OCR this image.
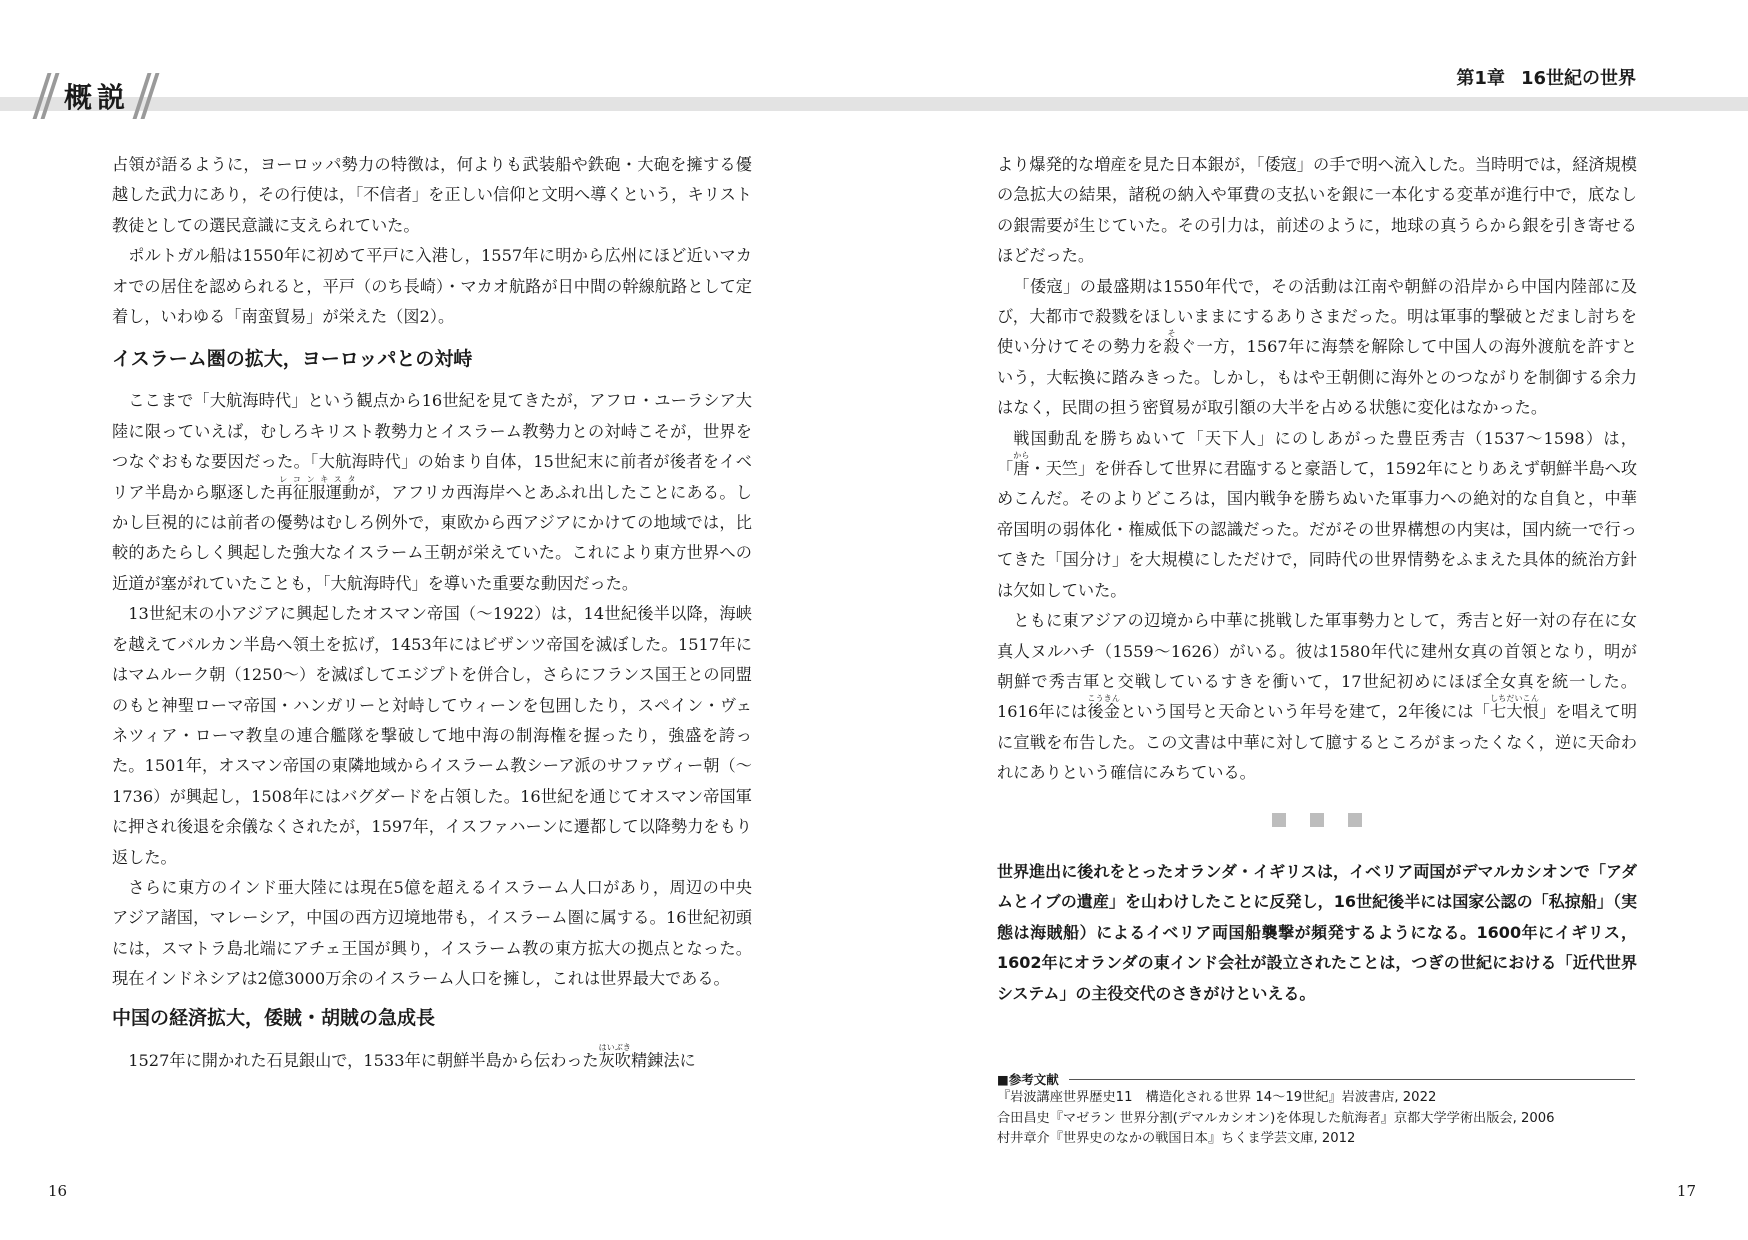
概説
第1章 16世紀の世界

占領が語るように，ヨーロッパ勢力の特徴は，何よりも武装船や鉄砲・大砲を擁する優越した武力にあり，その行使は，「不信者」を正しい信仰と文明へ導くという，キリスト教徒としての選民意識に支えられていた。

ポルトガル船は1550年に初めて平戸に入港し，1557年に明から広州にほど近いマカオでの居住を認められると，平戸（のち長崎）・マカオ航路が日中間の幹線航路として定着し，いわゆる「南蛮貿易」が栄えた（図2）。

イスラーム圏の拡大，ヨーロッパとの対峙

ここまで「大航海時代」という観点から16世紀を見てきたが，アフロ・ユーラシア大陸に限っていえば，むしろキリスト教勢力とイスラーム教勢力との対峙こそが，世界をつなぐおもな要因だった。「大航海時代」の始まり自体，15世紀末に前者が後者をイベリア半島から駆逐した再征服運動レコンキスタが，アフリカ西海岸へとあふれ出したことにある。しかし巨視的には前者の優勢はむしろ例外で，東欧から西アジアにかけての地域では，比較的あたらしく興起した強大なイスラーム王朝が栄えていた。これにより東方世界への近道が塞がれていたことも，「大航海時代」を導いた重要な動因だった。

13世紀末の小アジアに興起したオスマン帝国（～1922）は，14世紀後半以降，海峡を越えてバルカン半島へ領土を拡げ，1453年にはビザンツ帝国を滅ぼした。1517年にはマムルーク朝（1250～）を滅ぼしてエジプトを併合し，さらにフランス国王との同盟のもと神聖ローマ帝国・ハンガリーと対峙してウィーンを包囲したり，スペイン・ヴェネツィア・ローマ教皇の連合艦隊を撃破して地中海の制海権を握ったり，強盛を誇った。1501年，オスマン帝国の東隣地域からイスラーム教シーア派のサファヴィー朝（～1736）が興起し，1508年にはバグダードを占領した。16世紀を通じてオスマン帝国軍に押され後退を余儀なくされたが，1597年，イスファハーンに遷都して以降勢力をもり返した。

さらに東方のインド亜大陸には現在5億を超えるイスラーム人口があり，周辺の中央アジア諸国，マレーシア，中国の西方辺境地帯も，イスラーム圏に属する。16世紀初頭には，スマトラ島北端にアチェ王国が興り，イスラーム教の東方拡大の拠点となった。現在インドネシアは2億3000万余のイスラーム人口を擁し，これは世界最大である。

中国の経済拡大，倭賊・胡賊の急成長

1527年に開かれた石見銀山で，1533年に朝鮮半島から伝わった灰吹はいぶき精錬法に

より爆発的な増産を見た日本銀が，「倭寇」の手で明へ流入した。当時明では，経済規模の急拡大の結果，諸税の納入や軍費の支払いを銀に一本化する変革が進行中で，底なしの銀需要が生じていた。その引力は，前述のように，地球の真うらから銀を引き寄せるほどだった。

「倭寇」の最盛期は1550年代で，その活動は江南や朝鮮の沿岸から中国内陸部に及び，大都市で殺戮をほしいままにするありさまだった。明は軍事的撃破とだまし討ちを使い分けてその勢力を殺そぐ一方，1567年に海禁を解除して中国人の海外渡航を許すという，大転換に踏みきった。しかし，もはや王朝側に海外とのつながりを制御する余力はなく，民間の担う密貿易が取引額の大半を占める状態に変化はなかった。

戦国動乱を勝ちぬいて「天下人」にのしあがった豊臣秀吉（1537～1598）は，「唐から・天竺」を併呑して世界に君臨すると豪語して，1592年にとりあえず朝鮮半島へ攻めこんだ。そのよりどころは，国内戦争を勝ちぬいた軍事力への絶対的な自負と，中華帝国明の弱体化・権威低下の認識だった。だがその世界構想の内実は，国内統一で行ってきた「国分け」を大規模にしただけで，同時代の世界情勢をふまえた具体的統治方針は欠如していた。

ともに東アジアの辺境から中華に挑戦した軍事勢力として，秀吉と好一対の存在に女真人ヌルハチ（1559～1626）がいる。彼は1580年代に建州女真の首領となり，明が朝鮮で秀吉軍と交戦しているすきを衝いて，17世紀初めにほぼ全女真を統一した。1616年には後金こうきんという国号と天命という年号を建て，2年後には「七大恨しちだいこん」を唱えて明に宣戦を布告した。この文書は中華に対して臆するところがまったくなく，逆に天命われにありという確信にみちている。

世界進出に後れをとったオランダ・イギリスは，イベリア両国がデマルカシオンで「アダムとイブの遺産」を山わけしたことに反発し，16世紀後半には国家公認の「私掠船」（実態は海賊船）によるイベリア両国船襲撃が頻発するようになる。1600年にイギリス，1602年にオランダの東インド会社が設立されたことは，つぎの世紀における「近代世界システム」の主役交代のさきがけといえる。

■参考文献
『岩波講座世界歴史11　構造化される世界 14～19世紀』岩波書店, 2022
合田昌史『マゼラン 世界分割(デマルカシオン)を体現した航海者』京都大学学術出版会, 2006
村井章介『世界史のなかの戦国日本』ちくま学芸文庫, 2012
16	17
